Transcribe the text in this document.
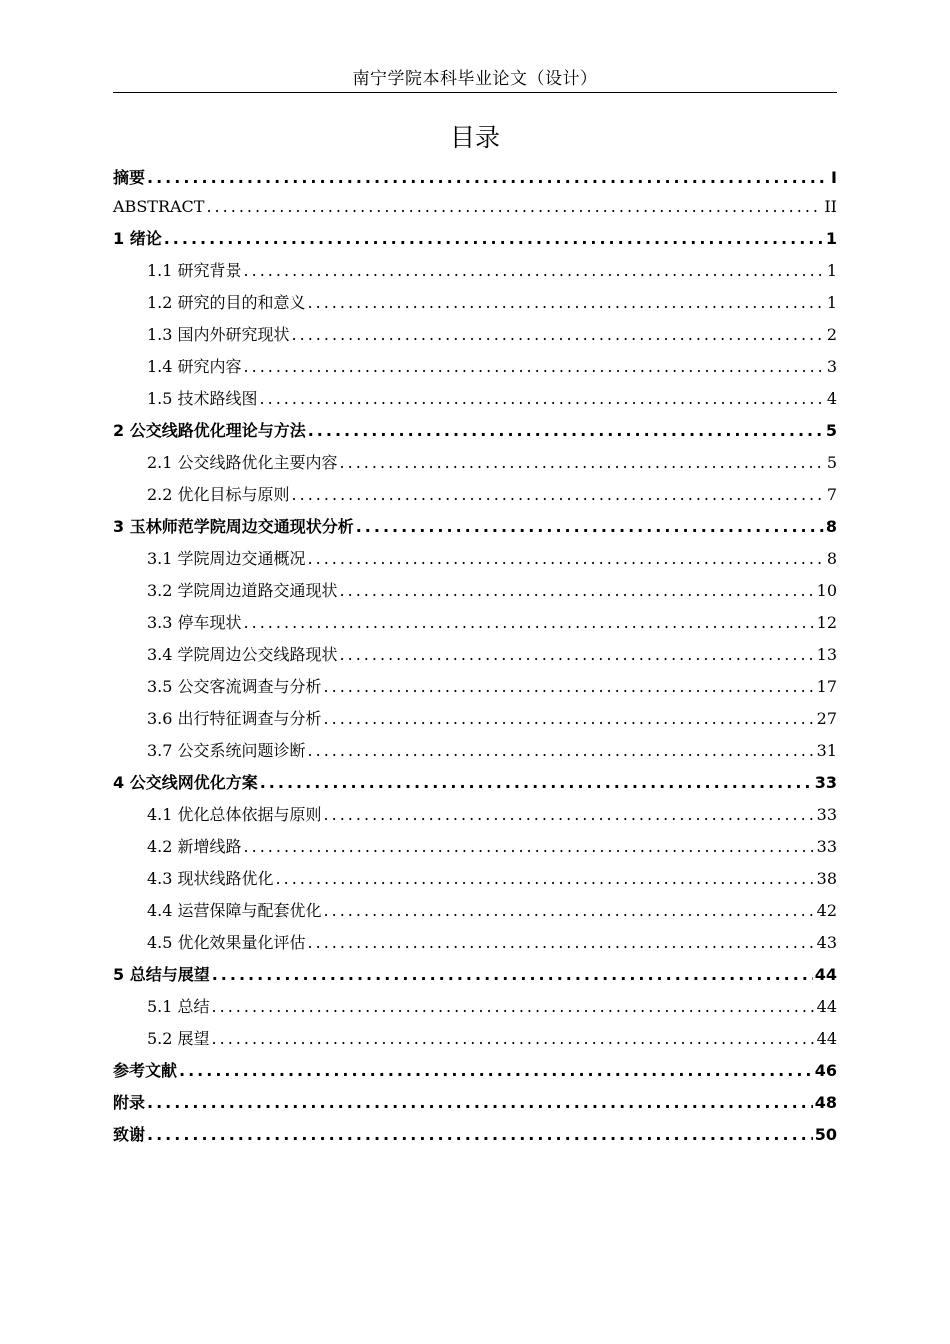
南宁学院本科毕业论文（设计）
目录
摘要 .....	I
ABSTRACT .....	II
1 绪论 .....	1
1.1 研究背景 .....	1
1.2 研究的目的和意义 .....	1
1.3 国内外研究现状 .....	2
1.4 研究内容 .....	3
1.5 技术路线图 .....	4
2 公交线路优化理论与方法 .....	5
2.1 公交线路优化主要内容 .....	5
2.2 优化目标与原则 .....	7
3 玉林师范学院周边交通现状分析 .....	8
3.1 学院周边交通概况 .....	8
3.2 学院周边道路交通现状 .....	10
3.3 停车现状 .....	12
3.4 学院周边公交线路现状 .....	13
3.5 公交客流调查与分析 .....	17
3.6 出行特征调查与分析 .....	27
3.7 公交系统问题诊断 .....	31
4 公交线网优化方案 .....	33
4.1 优化总体依据与原则 .....	33
4.2 新增线路 .....	33
4.3 现状线路优化 .....	38
4.4 运营保障与配套优化 .....	42
4.5 优化效果量化评估 .....	43
5 总结与展望 .....	44
5.1 总结 .....	44
5.2 展望 .....	44
参考文献 .....	46
附录 .....	48
致谢 .....	50
